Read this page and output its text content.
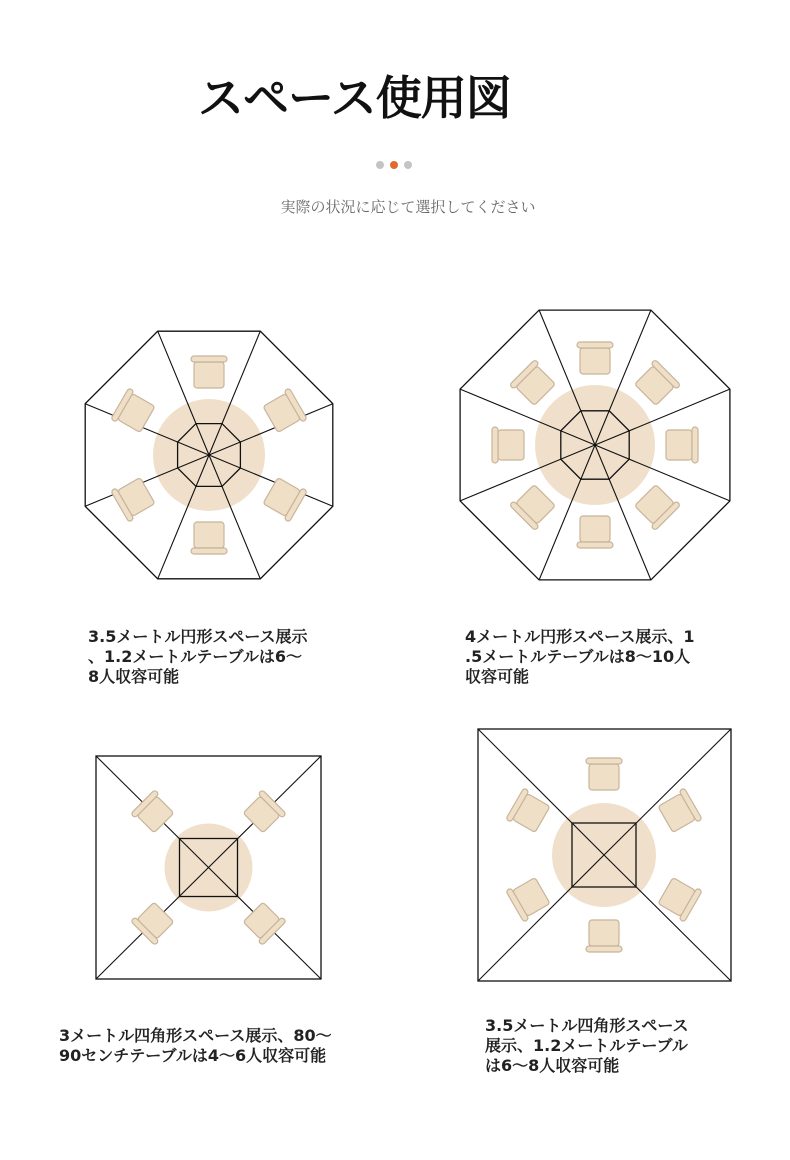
スペース使用図
実際の状況に応じて選択してください
3.5メートル円形スペース展示
、1.2メートルテーブルは6〜
8人収容可能
4メートル円形スペース展示、1
.5メートルテーブルは8〜10人
収容可能
3メートル四角形スペース展示、80〜
90センチテーブルは4〜6人収容可能
3.5メートル四角形スペース
展示、1.2メートルテーブル
は6〜8人収容可能
